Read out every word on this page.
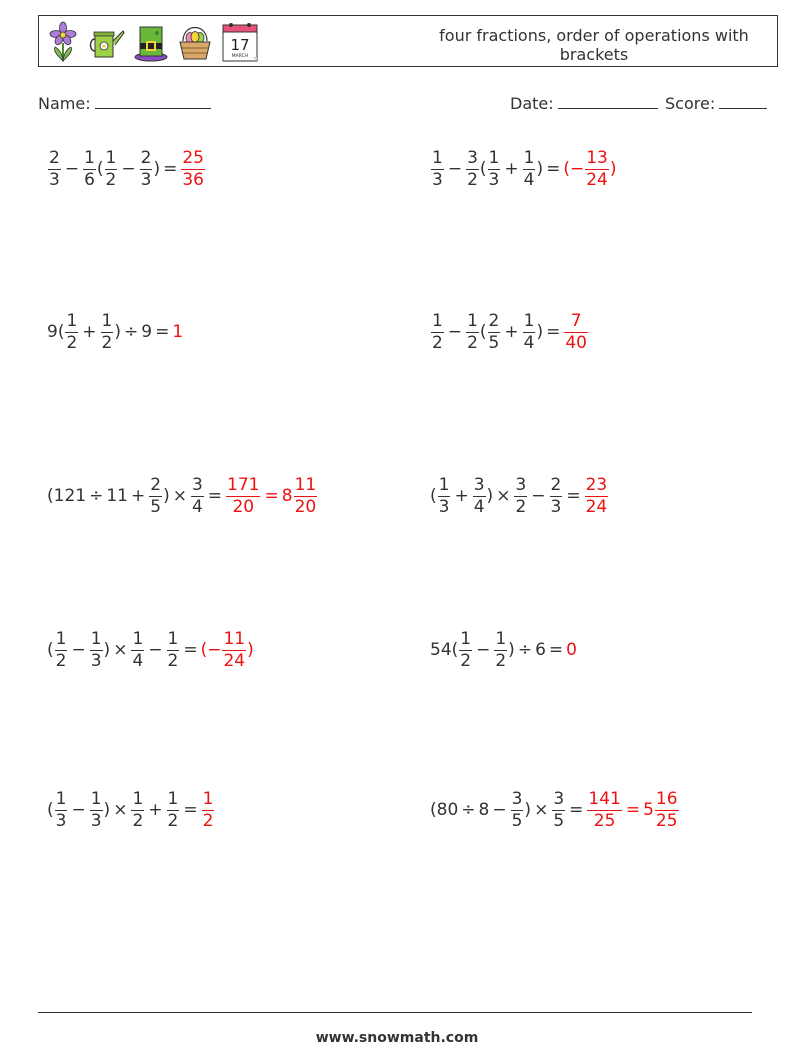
17
MARCH
four fractions, order of operations with brackets
Name:	Date:	Score:
$\frac{2}{3} - \frac{1}{6}$ ( $\frac{1}{2} - \frac{2}{3}$ ) = $\frac{25}{36}$	$\frac{1}{3} - \frac{3}{2}$ ( $\frac{1}{3} + \frac{1}{4}$ ) = (− $\frac{13}{24}$ )
$9( \frac{1}{2} + \frac{1}{2}$ ) ÷ 9 = 1	$\frac{1}{2} - \frac{1}{2}$ ( $\frac{2}{5} + \frac{1}{4}$ ) = $\frac{7}{40}$
($121 \div 11 + \frac{2}{5}$ ) × $\frac{3}{4} = \frac{171}{20} = 8 \frac{11}{20}$	( $\frac{1}{3} + \frac{3}{4}$ ) × $\frac{3}{2} - \frac{2}{3} = \frac{23}{24}$
( $\frac{1}{2} - \frac{1}{3}$ ) × $\frac{1}{4} - \frac{1}{2}$ = (− $\frac{11}{24}$ )	$54( \frac{1}{2} - \frac{1}{2}$ ) ÷ 6 = 0
( $\frac{1}{3} - \frac{1}{3}$ ) × $\frac{1}{2} + \frac{1}{2} = \frac{1}{2}$	($80 \div 8 - \frac{3}{5}$ ) × $\frac{3}{5} = \frac{141}{25} = 5 \frac{16}{25}$
www.snowmath.com
